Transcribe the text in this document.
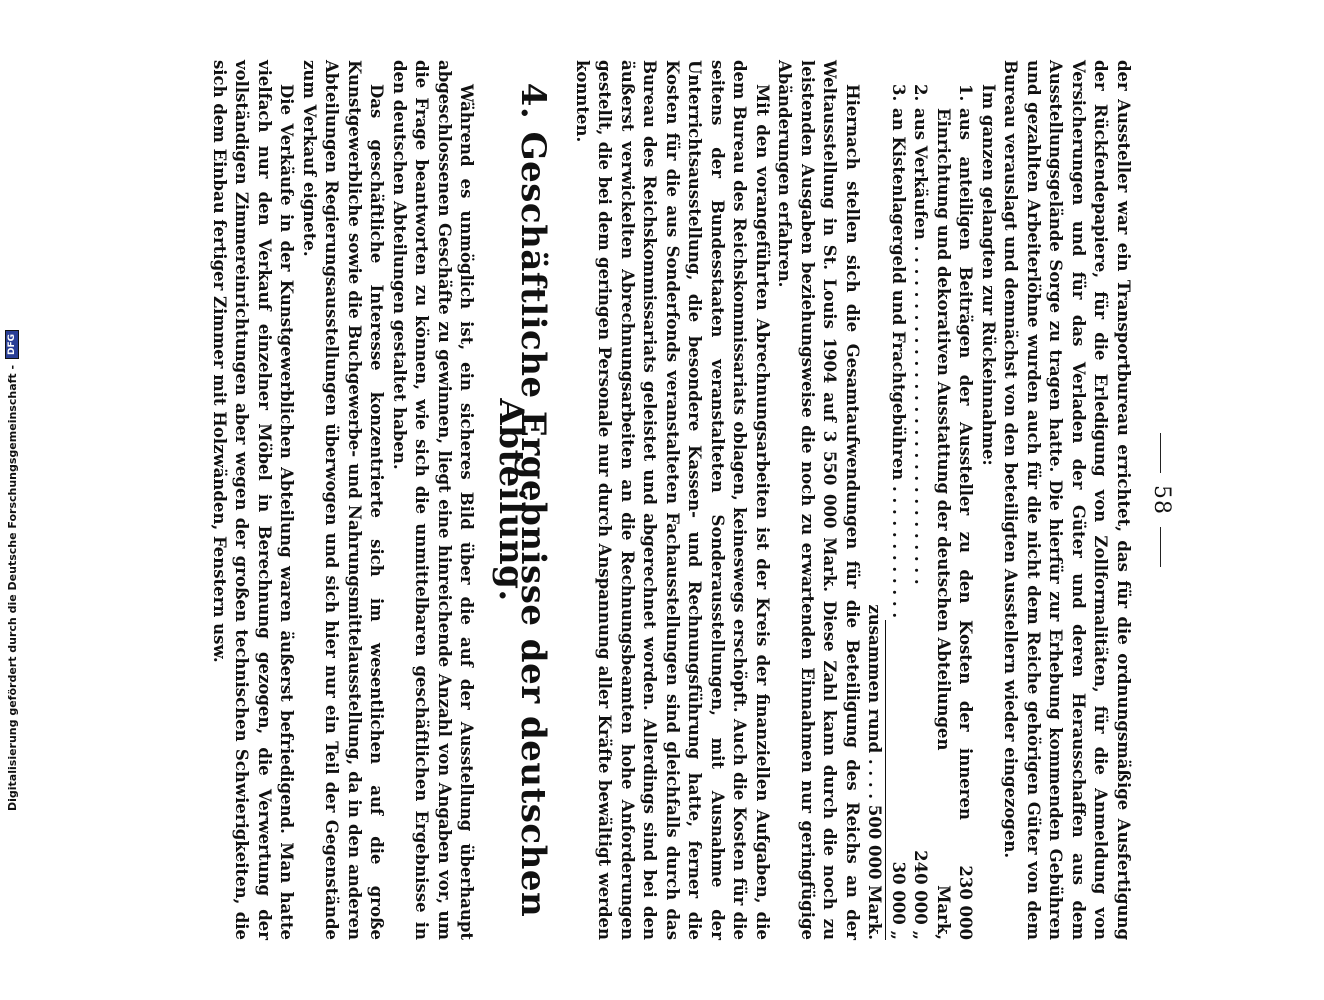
58

der Aussteller war ein Transportbureau errichtet, das für die ordnungsmäßige Ausfertigung der Rückfendepapiere, für die Erledigung von Zollformalitäten, für die Anmeldung von Versicherungen und für das Verladen der Güter und deren Herausschaffen aus dem Ausstellungsgelände Sorge zu tragen hatte. Die hierfür zur Erhebung kommenden Gebühren und gezahlten Arbeiterlöhne wurden auch für die nicht dem Reiche gehörigen Güter von dem Bureau verauslagt und demnächst von den beteiligten Ausstellern wieder eingezogen.

Im ganzen gelangten zur Rückeinnahme:

1.
aus anteiligen Beiträgen der Aussteller zu den Kosten der inneren Einrichtung und dekorativen Ausstattung der deutschen Abteilungen
230 000 Mark,
2.
aus Verkäufen . . . . . . . . . . . . . . . . . . . . . . . . . . . . . .
240 000 „
3.
an Kistenlagergeld und Frachtgebühren . . . . . . . . . . . .
30 000 „
zusammen rund . . . . 500 000 Mark.

Hiernach stellen sich die Gesamtaufwendungen für die Beteiligung des Reichs an der Weltausstellung in St. Louis 1904 auf 3 550 000 Mark. Diese Zahl kann durch die noch zu leistenden Ausgaben beziehungsweise die noch zu erwartenden Einnahmen nur geringfügige Abänderungen erfahren.

Mit den vorangeführten Abrechnungsarbeiten ist der Kreis der finanziellen Aufgaben, die dem Bureau des Reichskommissariats oblagen, keineswegs erschöpft. Auch die Kosten für die seitens der Bundesstaaten veranstalteten Sonderausstellungen, mit Ausnahme der Unterrichtsausstellung, die besondere Kassen- und Rechnungsführung hatte, ferner die Kosten für die aus Sonderfonds veranstalteten Fachausstellungen sind gleichfalls durch das Bureau des Reichskommissariats geleistet und abgerechnet worden. Allerdings sind bei den äußerst verwickelten Abrechnungsarbeiten an die Rechnungsbeamten hohe Anforderungen gestellt, die bei dem geringen Personale nur durch Anspannung aller Kräfte bewältigt werden konnten.

4. Geschäftliche Ergebnisse der deutschen Abteilung.

Während es unmöglich ist, ein sicheres Bild über die auf der Ausstellung überhaupt abgeschlossenen Geschäfte zu gewinnen, liegt eine hinreichende Anzahl von Angaben vor, um die Frage beantworten zu können, wie sich die unmittelbaren geschäftlichen Ergebnisse in den deutschen Abteilungen gestaltet haben.

Das geschäftliche Interesse konzentrierte sich im wesentlichen auf die große Kunstgewerbliche sowie die Buchgewerbe- und Nahrungsmittelausstellung, da in den anderen Abteilungen Regierungsausstellungen überwogen und sich hier nur ein Teil der Gegenstände zum Verkauf eignete.

Die Verkäufe in der Kunstgewerblichen Abteilung waren äußerst befriedigend. Man hatte vielfach nur den Verkauf einzelner Möbel in Berechnung gezogen, die Verwertung der vollständigen Zimmereinrichtungen aber wegen der großen technischen Schwierigkeiten, die sich dem Einbau fertiger Zimmer mit Holzwänden, Fenstern usw.

Digitalisierung gefördert durch die Deutsche Forschungsgemeinschaft -
DFG
